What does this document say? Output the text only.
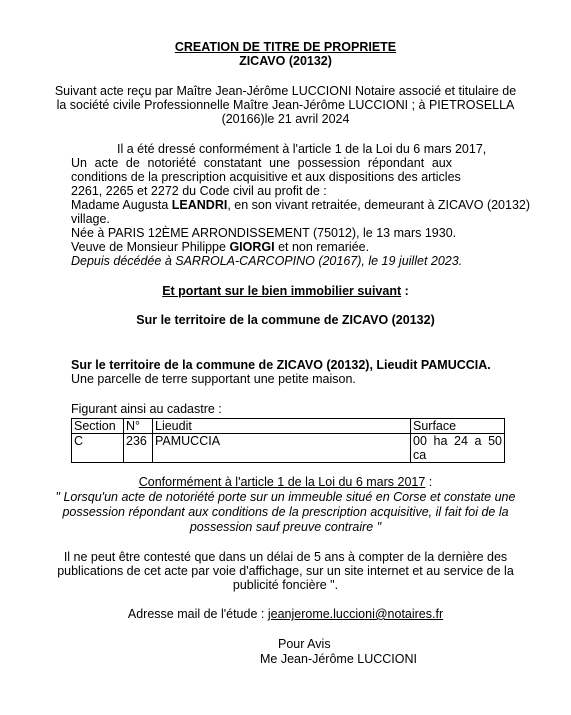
CREATION DE TITRE DE PROPRIETE
ZICAVO (20132)
Suivant acte reçu par Maître Jean-Jérôme LUCCIONI Notaire associé et titulaire de
la société civile Professionnelle Maître Jean-Jérôme LUCCIONI ; à PIETROSELLA
(20166)le 21 avril 2024
Il a été dressé conformément à l'article 1 de la Loi du 6 mars 2017,
Un acte de notoriété constatant une possession répondant aux
conditions de la prescription acquisitive et aux dispositions des articles
2261, 2265 et 2272 du Code civil au profit de :
Madame Augusta LEANDRI, en son vivant retraitée, demeurant à ZICAVO (20132)
village.
Née à PARIS 12ÈME ARRONDISSEMENT (75012), le 13 mars 1930.
Veuve de Monsieur Philippe GIORGI et non remariée.
Depuis décédée à SARROLA-CARCOPINO (20167), le 19 juillet 2023.
Et portant sur le bien immobilier suivant :
Sur le territoire de la commune de ZICAVO (20132)
Sur le territoire de la commune de ZICAVO (20132), Lieudit PAMUCCIA.
Une parcelle de terre supportant une petite maison.
Figurant ainsi au cadastre :
Section	N°	Lieudit	Surface
C	236	PAMUCCIA	00 ha 24 a 50
ca
Conformément à l'article 1 de la Loi du 6 mars 2017 :
" Lorsqu'un acte de notoriété porte sur un immeuble situé en Corse et constate une
possession répondant aux conditions de la prescription acquisitive, il fait foi de la
possession sauf preuve contraire "
Il ne peut être contesté que dans un délai de 5 ans à compter de la dernière des
publications de cet acte par voie d'affichage, sur un site internet et au service de la
publicité foncière ".
Adresse mail de l'étude : jeanjerome.luccioni@notaires.fr
Pour Avis
Me Jean-Jérôme LUCCIONI
